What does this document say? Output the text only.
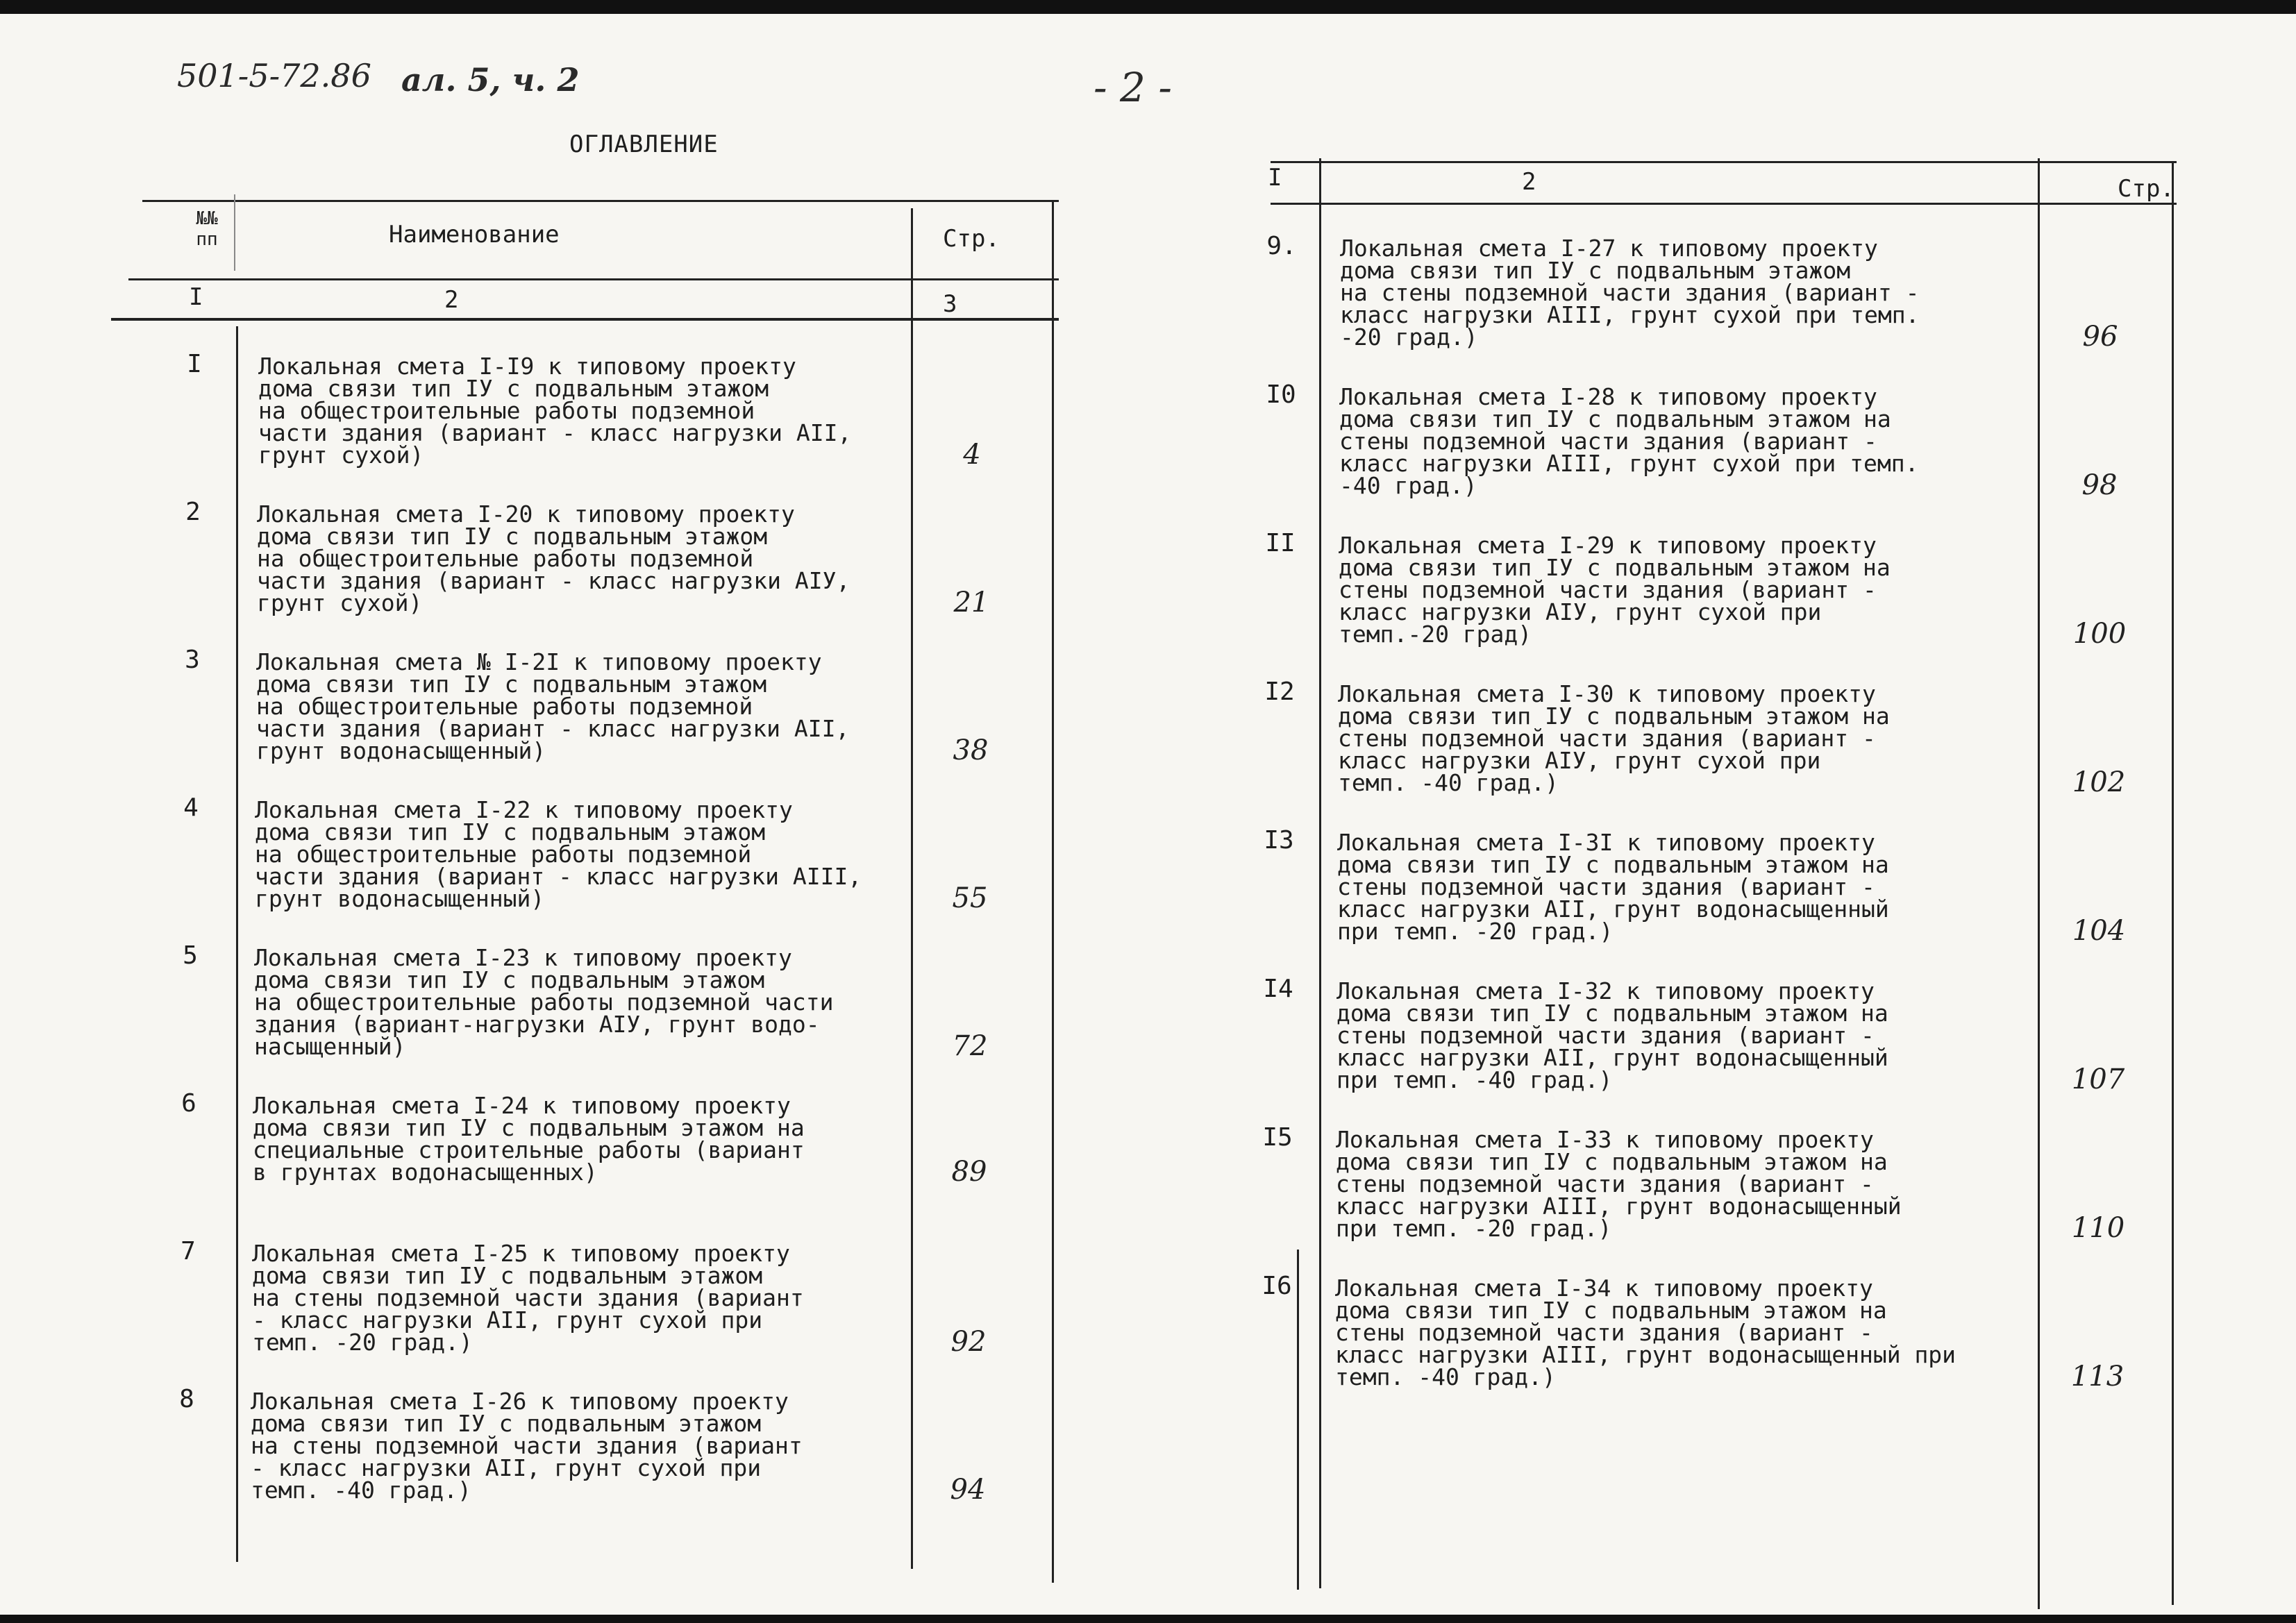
501-5-72.86 ал. 5, ч. 2	- 2 -
ОГЛАВЛЕНИЕ
№№ пп	Наименование	Стр.
I	2	3
I	Локальная смета I-I9 к типовому проекту
дома связи тип IУ с подвальным этажом
на общестроительные работы подземной
части здания (вариант - класс нагрузки АII,
грунт сухой)	4
2	Локальная смета I-20 к типовому проекту
дома связи тип IУ с подвальным этажом
на общестроительные работы подземной
части здания (вариант - класс нагрузки АIУ,
грунт сухой)	21
3	Локальная смета № I-2I к типовому проекту
дома связи тип IУ с подвальным этажом
на общестроительные работы подземной
части здания (вариант - класс нагрузки АII,
грунт водонасыщенный)	38
4	Локальная смета I-22 к типовому проекту
дома связи тип IУ с подвальным этажом
на общестроительные работы подземной
части здания (вариант - класс нагрузки АIII,
грунт водонасыщенный)	55
5	Локальная смета I-23 к типовому проекту
дома связи тип IУ с подвальным этажом
на общестроительные работы подземной части
здания (вариант-нагрузки АIУ, грунт водо-
насыщенный)	72
6	Локальная смета I-24 к типовому проекту
дома связи тип IУ с подвальным этажом на
специальные строительные работы (вариант
в грунтах водонасыщенных)	89
7	Локальная смета I-25 к типовому проекту
дома связи тип IУ с подвальным этажом
на стены подземной части здания (вариант
- класс нагрузки АII, грунт сухой при
темп. -20 град.)	92
8	Локальная смета I-26 к типовому проекту
дома связи тип IУ с подвальным этажом
на стены подземной части здания (вариант
- класс нагрузки АII, грунт сухой при
темп. -40 град.)	94
I	2	Стр.
9.	Локальная смета I-27 к типовому проекту
дома связи тип IУ с подвальным этажом
на стены подземной части здания (вариант -
класс нагрузки АIII, грунт сухой при темп.
-20 град.)	96
I0	Локальная смета I-28 к типовому проекту
дома связи тип IУ с подвальным этажом на
стены подземной части здания (вариант -
класс нагрузки АIII, грунт сухой при темп.
-40 град.)	98
II	Локальная смета I-29 к типовому проекту
дома связи тип IУ с подвальным этажом на
стены подземной части здания (вариант -
класс нагрузки АIУ, грунт сухой при
темп.-20 град)	100
I2	Локальная смета I-30 к типовому проекту
дома связи тип IУ с подвальным этажом на
стены подземной части здания (вариант -
класс нагрузки АIУ, грунт сухой при
темп. -40 град.)	102
I3	Локальная смета I-3I к типовому проекту
дома связи тип IУ с подвальным этажом на
стены подземной части здания (вариант -
класс нагрузки АII, грунт водонасыщенный
при темп. -20 град.)	104
I4	Локальная смета I-32 к типовому проекту
дома связи тип IУ с подвальным этажом на
стены подземной части здания (вариант -
класс нагрузки АII, грунт водонасыщенный
при темп. -40 град.)	107
I5	Локальная смета I-33 к типовому проекту
дома связи тип IУ с подвальным этажом на
стены подземной части здания (вариант -
класс нагрузки АIII, грунт водонасыщенный
при темп. -20 град.)	110
I6	Локальная смета I-34 к типовому проекту
дома связи тип IУ с подвальным этажом на
стены подземной части здания (вариант -
класс нагрузки АIII, грунт водонасыщенный при
темп. -40 град.)	113
